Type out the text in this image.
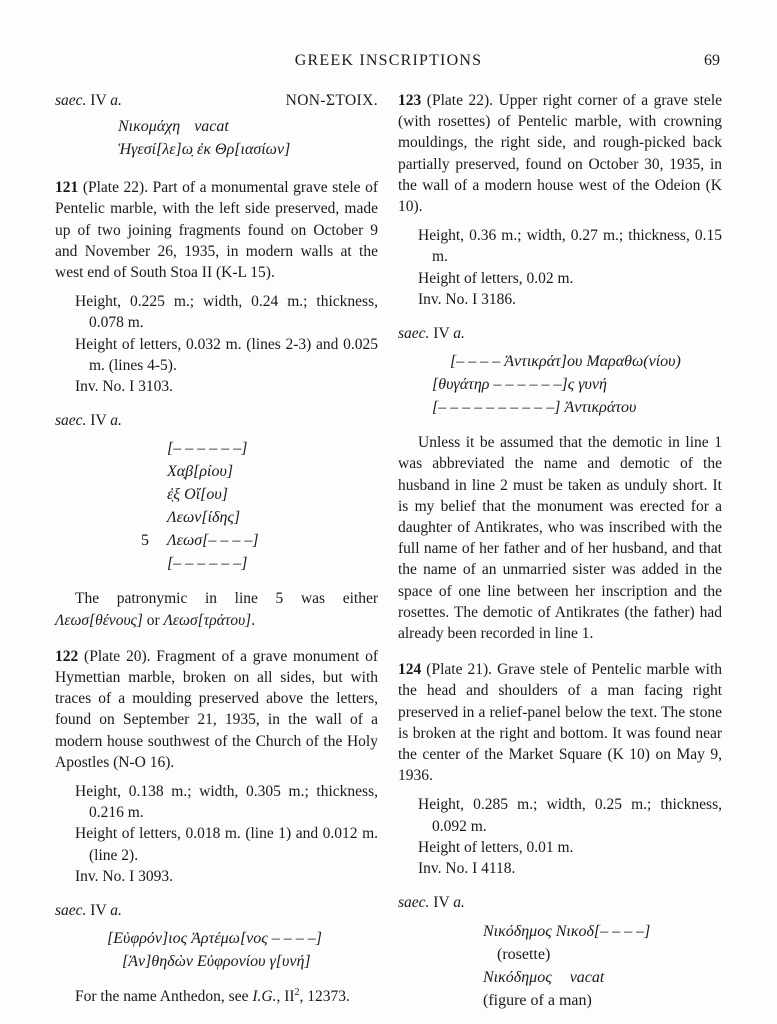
GREEK INSCRIPTIONS	69
saec. IV a.	NON-ΣTOIX.
Νικομάχη vacat
Ἡγεσί[λε]ω̣ ἐκ Θρ[ιασίων]

121 (Plate 22). Part of a monumental grave stele of Pentelic marble, with the left side preserved, made up of two joining fragments found on October 9 and November 26, 1935, in modern walls at the west end of South Stoa II (K-L 15).

Height, 0.225 m.; width, 0.24 m.; thickness, 0.078 m.

Height of letters, 0.032 m. (lines 2-3) and 0.025 m. (lines 4-5).

Inv. No. I 3103.

saec. IV a.
[– – – – – –]
Χα̣β[ρίου]
ἐ̣ξ Οἴ[ου]
Λεων[ίδης]
5 Λεωσ[– – – –]
[– – – – – –]

The patronymic in line 5 was either Λεωσ[θένους] or Λεωσ[τράτου].

122 (Plate 20). Fragment of a grave monument of Hymettian marble, broken on all sides, but with traces of a moulding preserved above the letters, found on September 21, 1935, in the wall of a modern house southwest of the Church of the Holy Apostles (N-O 16).

Height, 0.138 m.; width, 0.305 m.; thickness, 0.216 m.

Height of letters, 0.018 m. (line 1) and 0.012 m. (line 2).

Inv. No. I 3093.

saec. IV a.
[Εὐφρόν]ιος Ἀρτέμω[νος – – – –]
[Ἀν]θηδὼν Εὐφρονίου γ[υνή]

For the name Anthedon, see I.G., $II^2$, 12373.

123 (Plate 22). Upper right corner of a grave stele (with rosettes) of Pentelic marble, with crowning mouldings, the right side, and rough-picked back partially preserved, found on October 30, 1935, in the wall of a modern house west of the Odeion (K 10).

Height, 0.36 m.; width, 0.27 m.; thickness, 0.15 m.

Height of letters, 0.02 m.

Inv. No. I 3186.

saec. IV a.
[– – – – Ἀντικράτ]ου Μαραθω(νίου)
[θυγάτηρ – – – – – –]ς γυνή
[– – – – – – – – – –] Ἀντικράτου

Unless it be assumed that the demotic in line 1 was abbreviated the name and demotic of the husband in line 2 must be taken as unduly short. It is my belief that the monument was erected for a daughter of Antikrates, who was inscribed with the full name of her father and of her husband, and that the name of an unmarried sister was added in the space of one line between her inscription and the rosettes. The demotic of Antikrates (the father) had already been recorded in line 1.

124 (Plate 21). Grave stele of Pentelic marble with the head and shoulders of a man facing right preserved in a relief-panel below the text. The stone is broken at the right and bottom. It was found near the center of the Market Square (K 10) on May 9, 1936.

Height, 0.285 m.; width, 0.25 m.; thickness, 0.092 m.

Height of letters, 0.01 m.

Inv. No. I 4118.

saec. IV a.
Νικόδημος Νικοδ[– – – –]
(rosette)
Νικόδημος vacat
(figure of a man)
